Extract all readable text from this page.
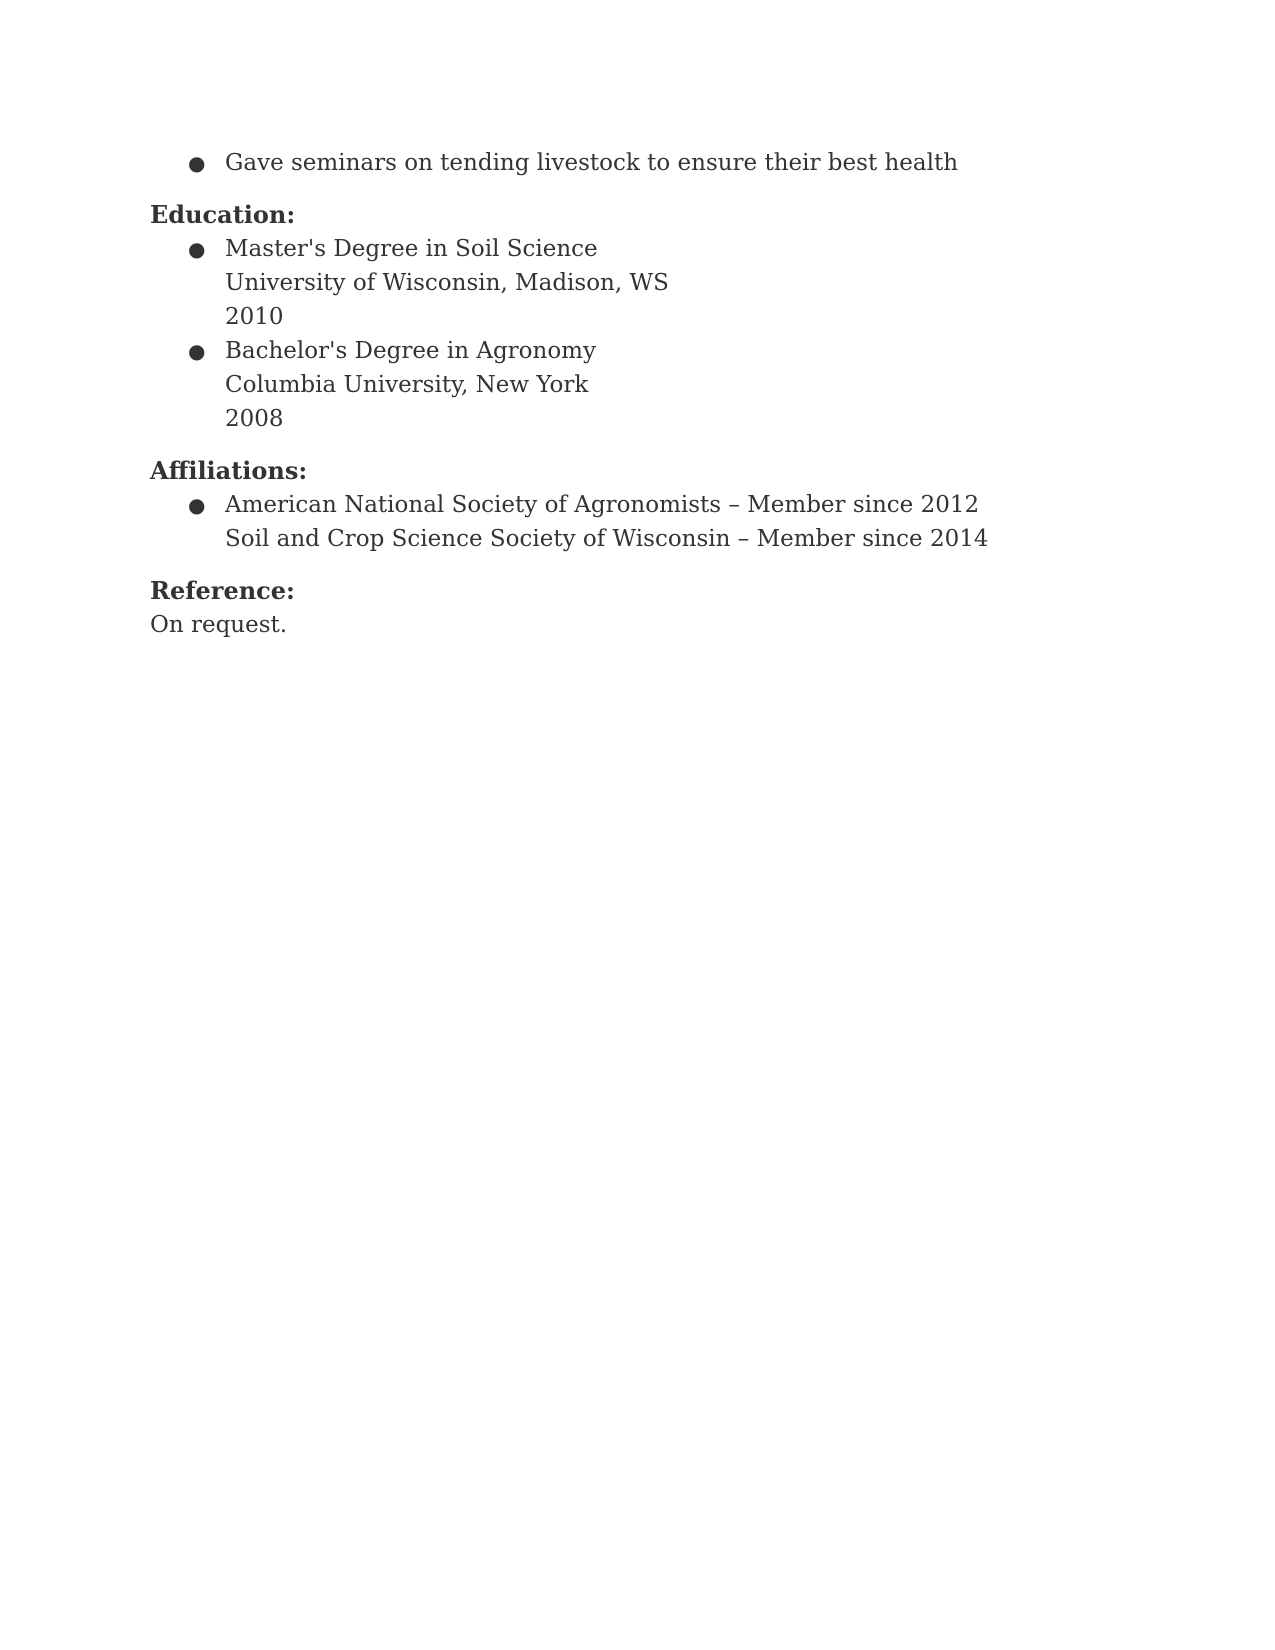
● Gave seminars on tending livestock to ensure their best health
Education:
● Master's Degree in Soil Science
University of Wisconsin, Madison, WS
2010
● Bachelor's Degree in Agronomy
Columbia University, New York
2008
Affiliations:
● American National Society of Agronomists – Member since 2012
Soil and Crop Science Society of Wisconsin – Member since 2014
Reference:
On request.
